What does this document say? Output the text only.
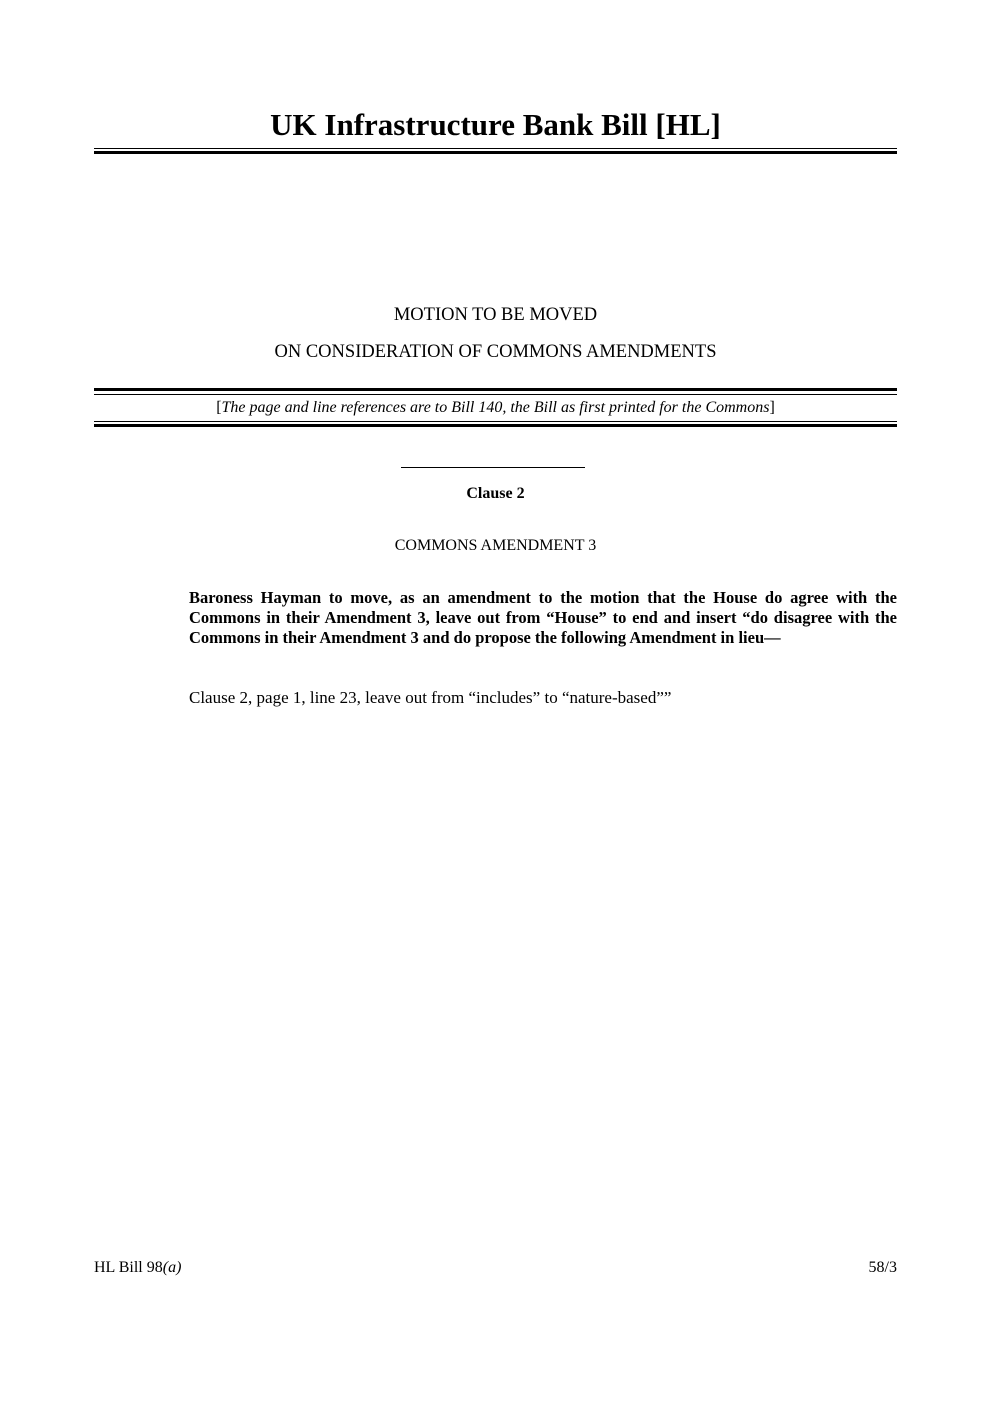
UK Infrastructure Bank Bill [HL]
MOTION TO BE MOVED
ON CONSIDERATION OF COMMONS AMENDMENTS
[The page and line references are to Bill 140, the Bill as first printed for the Commons]
Clause 2
COMMONS AMENDMENT 3
Baroness Hayman to move, as an amendment to the motion that the House do agree with the Commons in their Amendment 3, leave out from “House” to end and insert “do disagree with the Commons in their Amendment 3 and do propose the following Amendment in lieu—
Clause 2, page 1, line 23, leave out from “includes” to “nature-based””
HL Bill 98(a)	58/3
